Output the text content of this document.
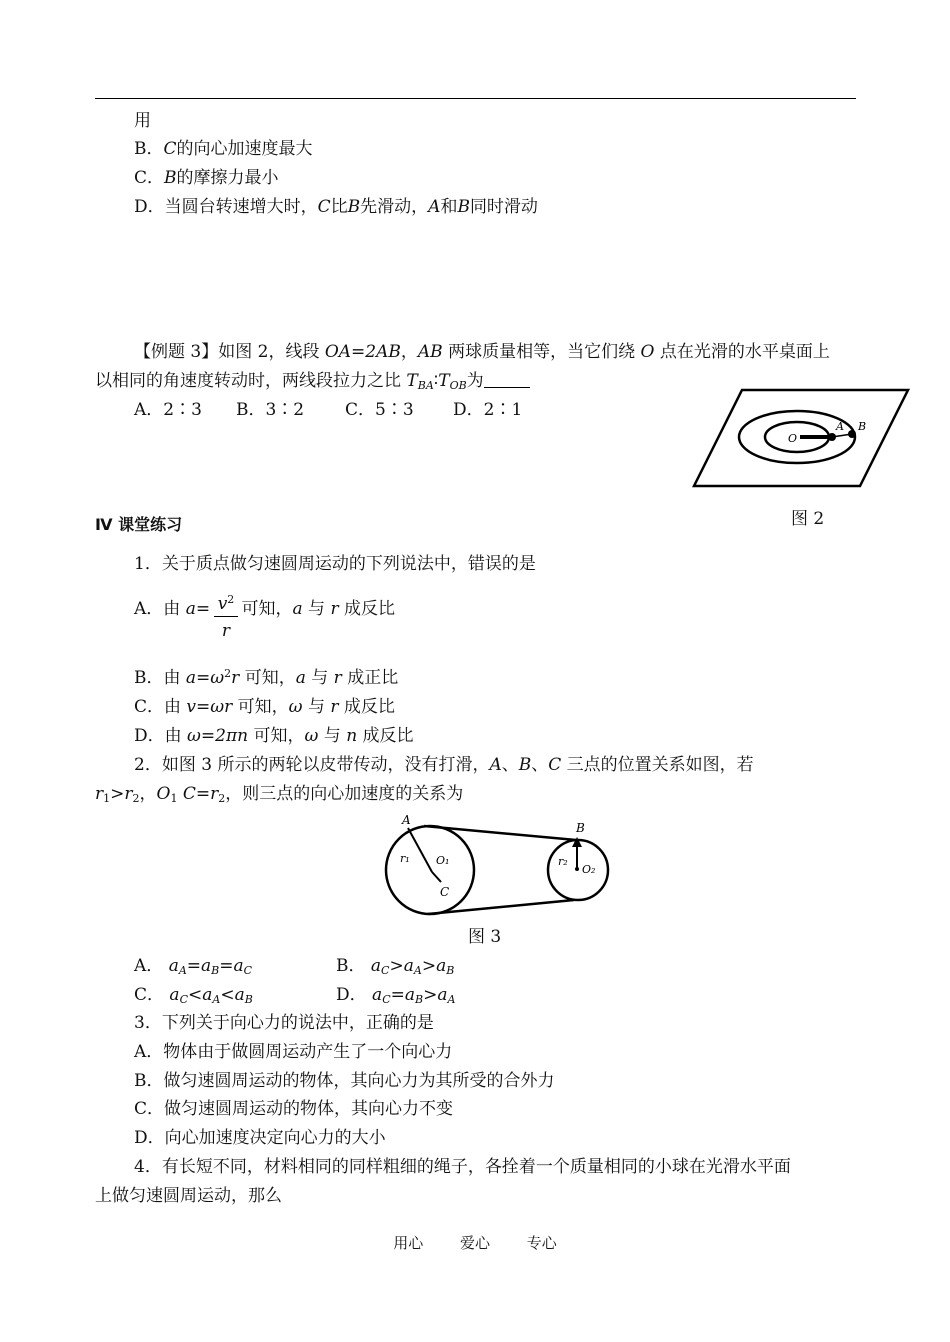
用
B．C的向心加速度最大
C．B的摩擦力最小
D．当圆台转速增大时，C比B先滑动，A和B同时滑动
【例题 3】如图 2，线段 OA=2AB，AB 两球质量相等，当它们绕 O 点在光滑的水平桌面上
以相同的角速度转动时，两线段拉力之比 $T_{BA}∶T_{OB}$为
A．2∶3 B．3∶2 C．5∶3 D．2∶1
O
A B
图 2
Ⅳ 课堂练习
1．关于质点做匀速圆周运动的下列说法中，错误的是
A．由 a= 可知，a 与 r 成反比
$v^2$
r
B．由 $a=\omega^2r$ 可知，a 与 r 成正比
C．由 v=ωr 可知，ω 与 r 成反比
D．由 ω=2πn 可知，ω 与 n 成反比
2．如图 3 所示的两轮以皮带传动，没有打滑，A、B、C 三点的位置关系如图，若
$r_1>r_2$，$O_1$ $C=r_2$，则三点的向心加速度的关系为
A
r₁ O₁
C
B
r₂
O₂
图 3
A． $a_A=a_B=a_C$	B． $a_C>a_A>a_B$
C． $a_C<a_A<a_B$	D． $a_C=a_B>a_A$
3．下列关于向心力的说法中，正确的是
A．物体由于做圆周运动产生了一个向心力
B．做匀速圆周运动的物体，其向心力为其所受的合外力
C．做匀速圆周运动的物体，其向心力不变
D．向心加速度决定向心力的大小
4．有长短不同，材料相同的同样粗细的绳子，各拴着一个质量相同的小球在光滑水平面
上做匀速圆周运动，那么
用心 爱心 专心
